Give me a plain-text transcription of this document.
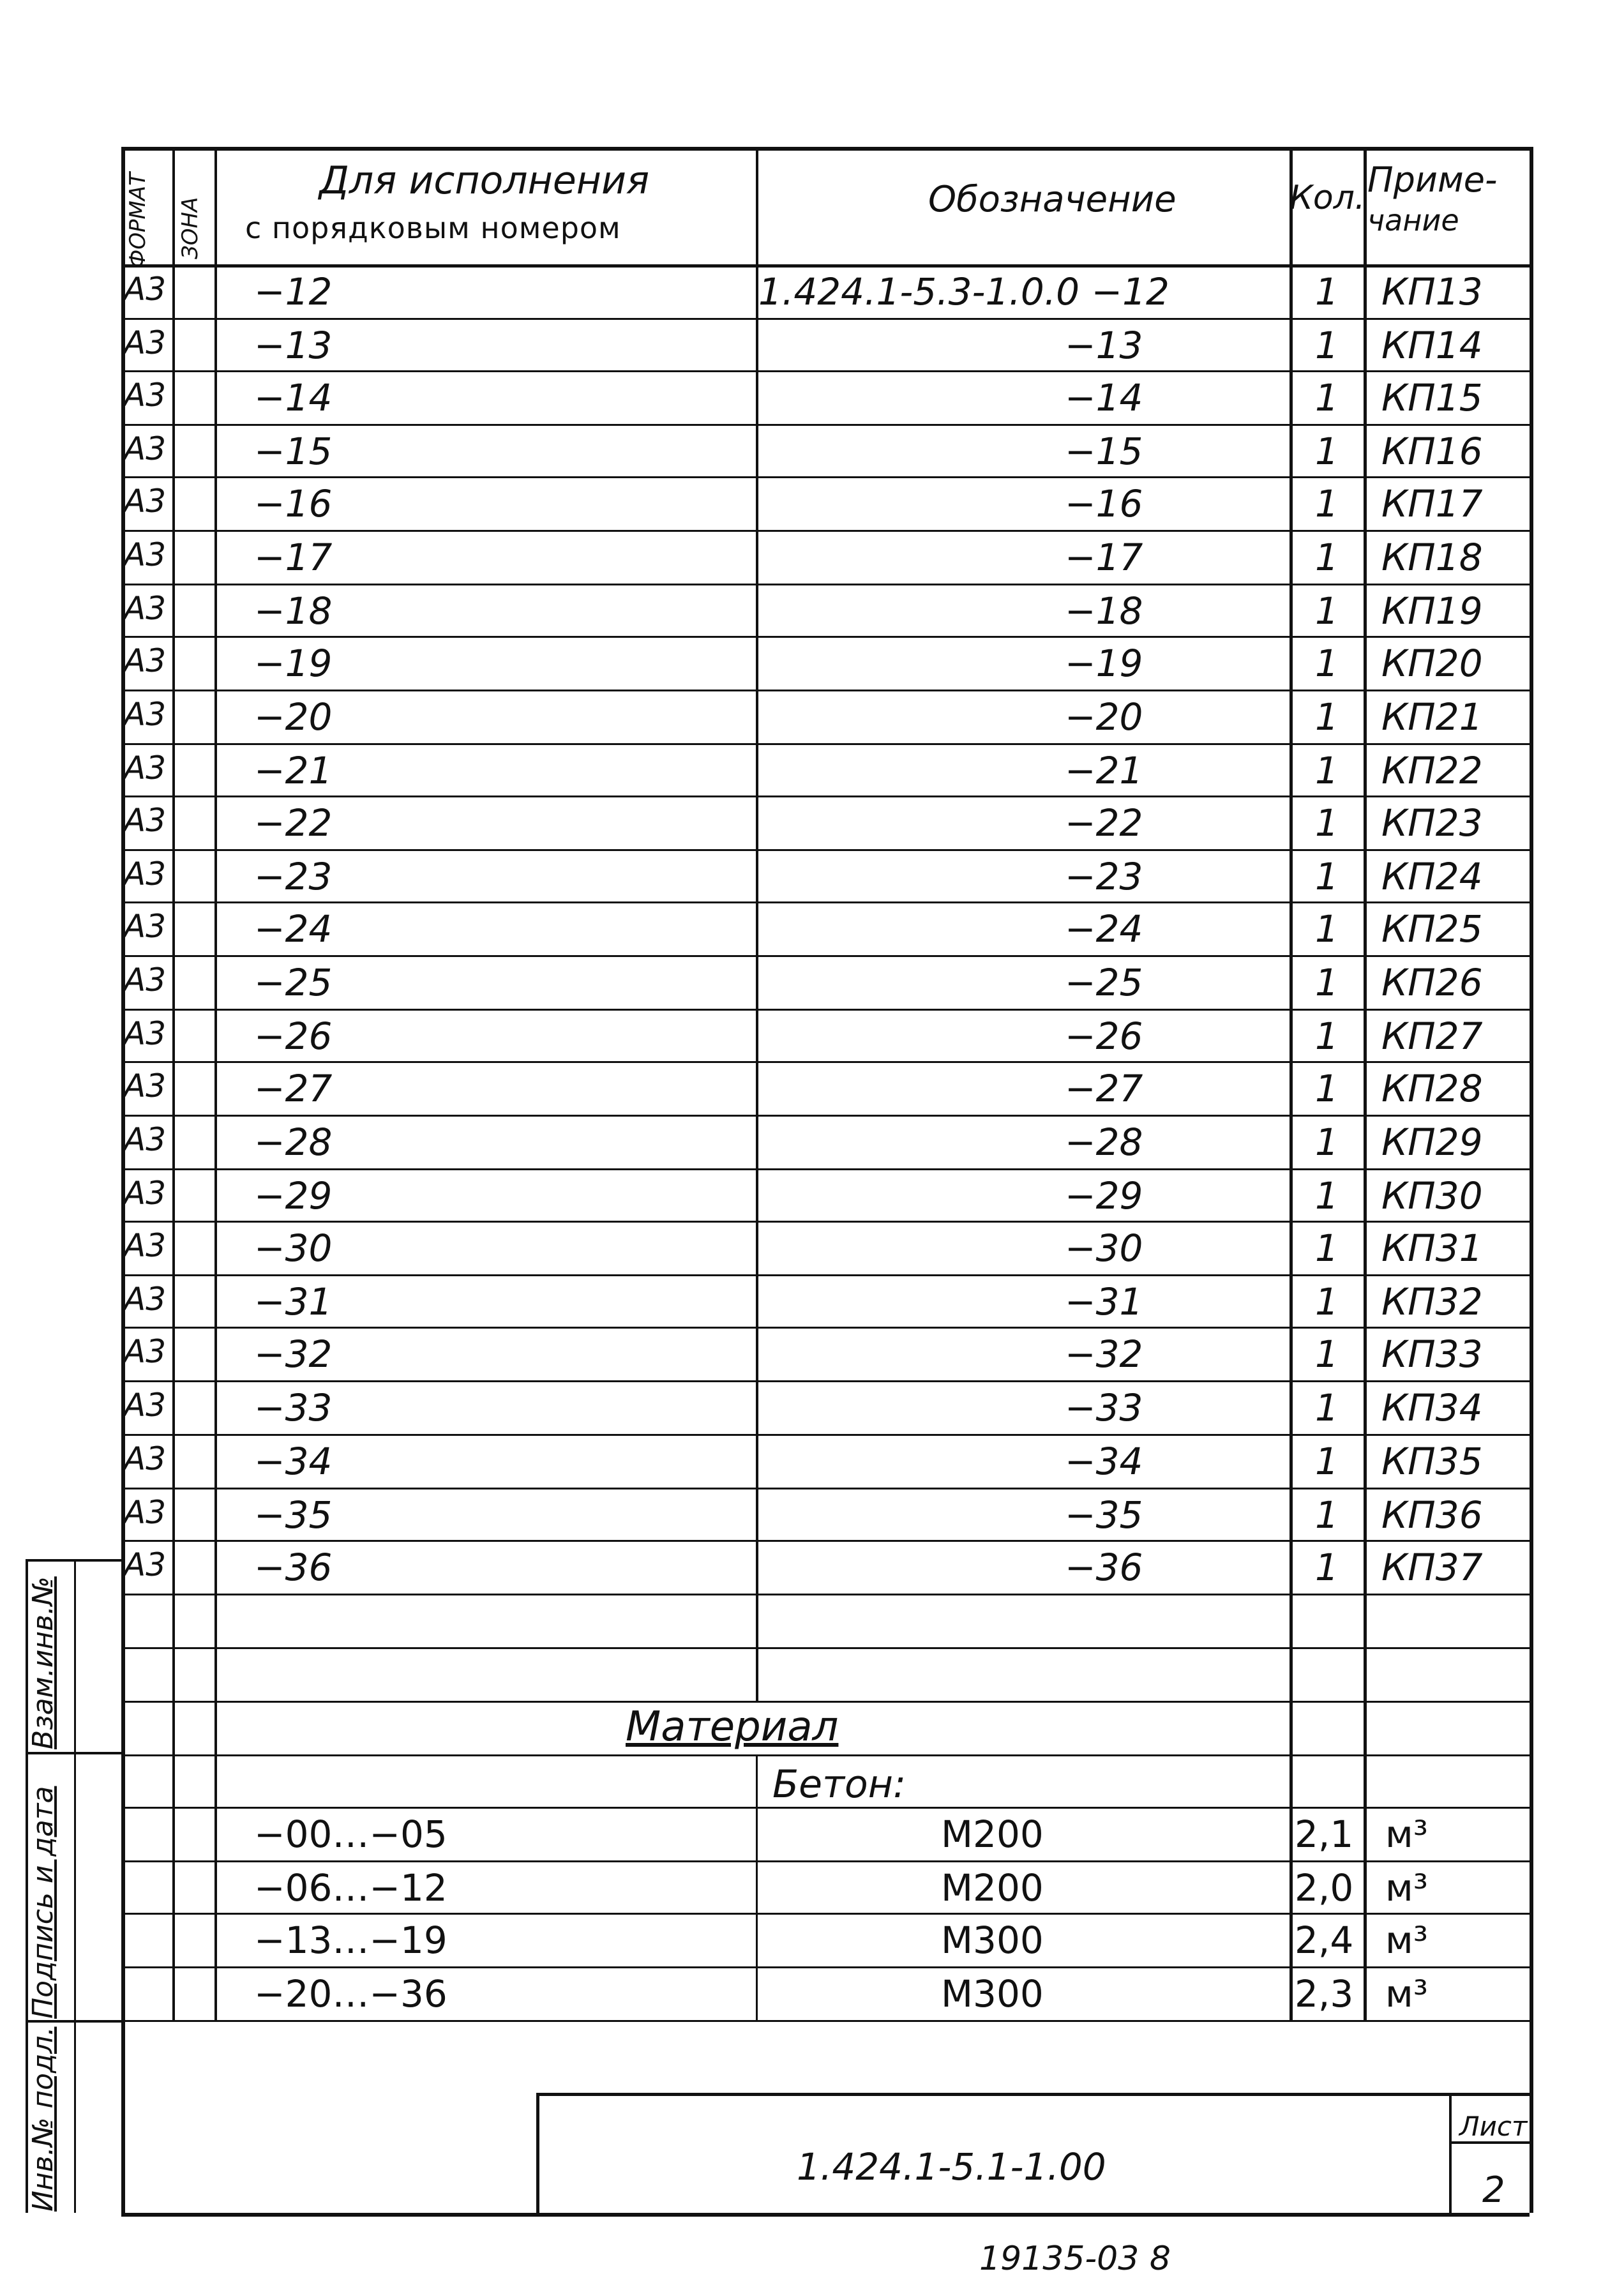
ФОРМАТ ЗОНА
Для исполнения
с порядковым номером
Обозначение	Кол. Приме-
чание
А3 −12	1.424.1-5.3-1.0.0 −12	1 КП13
А3 −13	−13	1 КП14
А3 −14	−14	1 КП15
А3 −15	−15	1 КП16
А3 −16	−16	1 КП17
А3 −17	−17	1 КП18
А3 −18	−18	1 КП19
А3 −19	−19	1 КП20
А3 −20	−20	1 КП21
А3 −21	−21	1 КП22
А3 −22	−22	1 КП23
А3 −23	−23	1 КП24
А3 −24	−24	1 КП25
А3 −25	−25	1 КП26
А3 −26	−26	1 КП27
А3 −27	−27	1 КП28
А3 −28	−28	1 КП29
А3 −29	−29	1 КП30
А3 −30	−30	1 КП31
А3 −31	−31	1 КП32
А3 −32	−32	1 КП33
А3 −33	−33	1 КП34
А3 −34	−34	1 КП35
А3 −35	−35	1 КП36
А3 −36	−36	1 КП37
Материал
Бетон:
−00…−05	М200	2,1 м³
−06…−12	М200	2,0 м³
−13…−19	М300	2,4 м³
−20…−36	М300	2,3 м³
Взам.инв.№
Подпись и дата
Инв.№ подл.	1.424.1-5.1-1.00
Лист
2
19135-03 8
